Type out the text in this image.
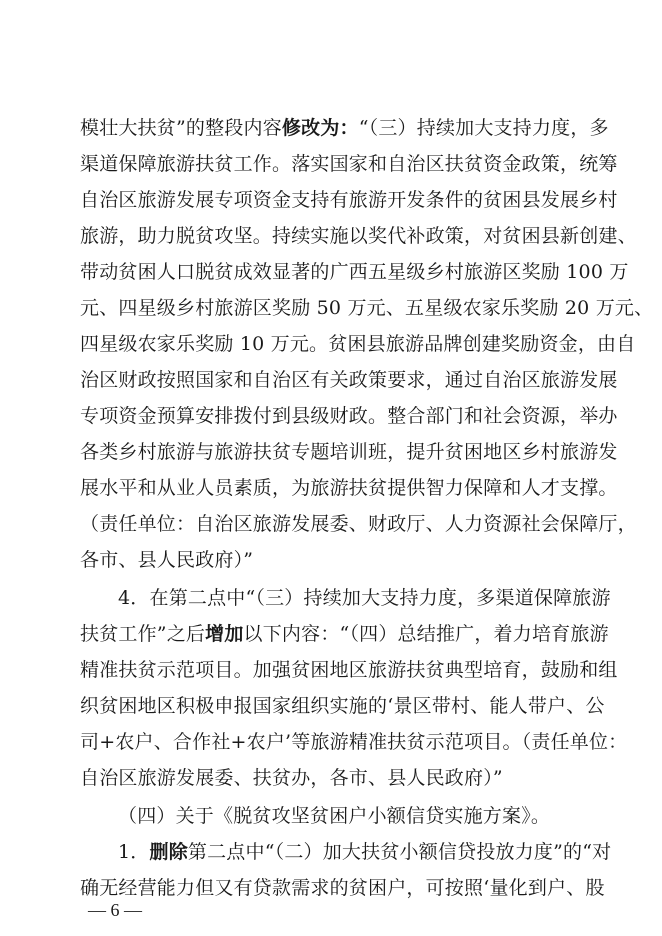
模壮大扶贫”的整段内容修改为：“（三）持续加大支持力度，多
渠道保障旅游扶贫工作。落实国家和自治区扶贫资金政策，统筹
自治区旅游发展专项资金支持有旅游开发条件的贫困县发展乡村
旅游，助力脱贫攻坚。持续实施以奖代补政策，对贫困县新创建、
带动贫困人口脱贫成效显著的广西五星级乡村旅游区奖励 100 万
元、四星级乡村旅游区奖励 50 万元、五星级农家乐奖励 20 万元、
四星级农家乐奖励 10 万元。贫困县旅游品牌创建奖励资金，由自
治区财政按照国家和自治区有关政策要求，通过自治区旅游发展
专项资金预算安排拨付到县级财政。整合部门和社会资源，举办
各类乡村旅游与旅游扶贫专题培训班，提升贫困地区乡村旅游发
展水平和从业人员素质，为旅游扶贫提供智力保障和人才支撑。
（责任单位：自治区旅游发展委、财政厅、人力资源社会保障厅，
各市、县人民政府）”
4．在第二点中“（三）持续加大支持力度，多渠道保障旅游
扶贫工作”之后增加以下内容：“（四）总结推广，着力培育旅游
精准扶贫示范项目。加强贫困地区旅游扶贫典型培育，鼓励和组
织贫困地区积极申报国家组织实施的‘景区带村、能人带户、公
司+农户、合作社+农户’等旅游精准扶贫示范项目。（责任单位：
自治区旅游发展委、扶贫办，各市、县人民政府）”
（四）关于《脱贫攻坚贫困户小额信贷实施方案》。
1．删除第二点中“（二）加大扶贫小额信贷投放力度”的“对
确无经营能力但又有贷款需求的贫困户，可按照‘量化到户、股
— 6 —
